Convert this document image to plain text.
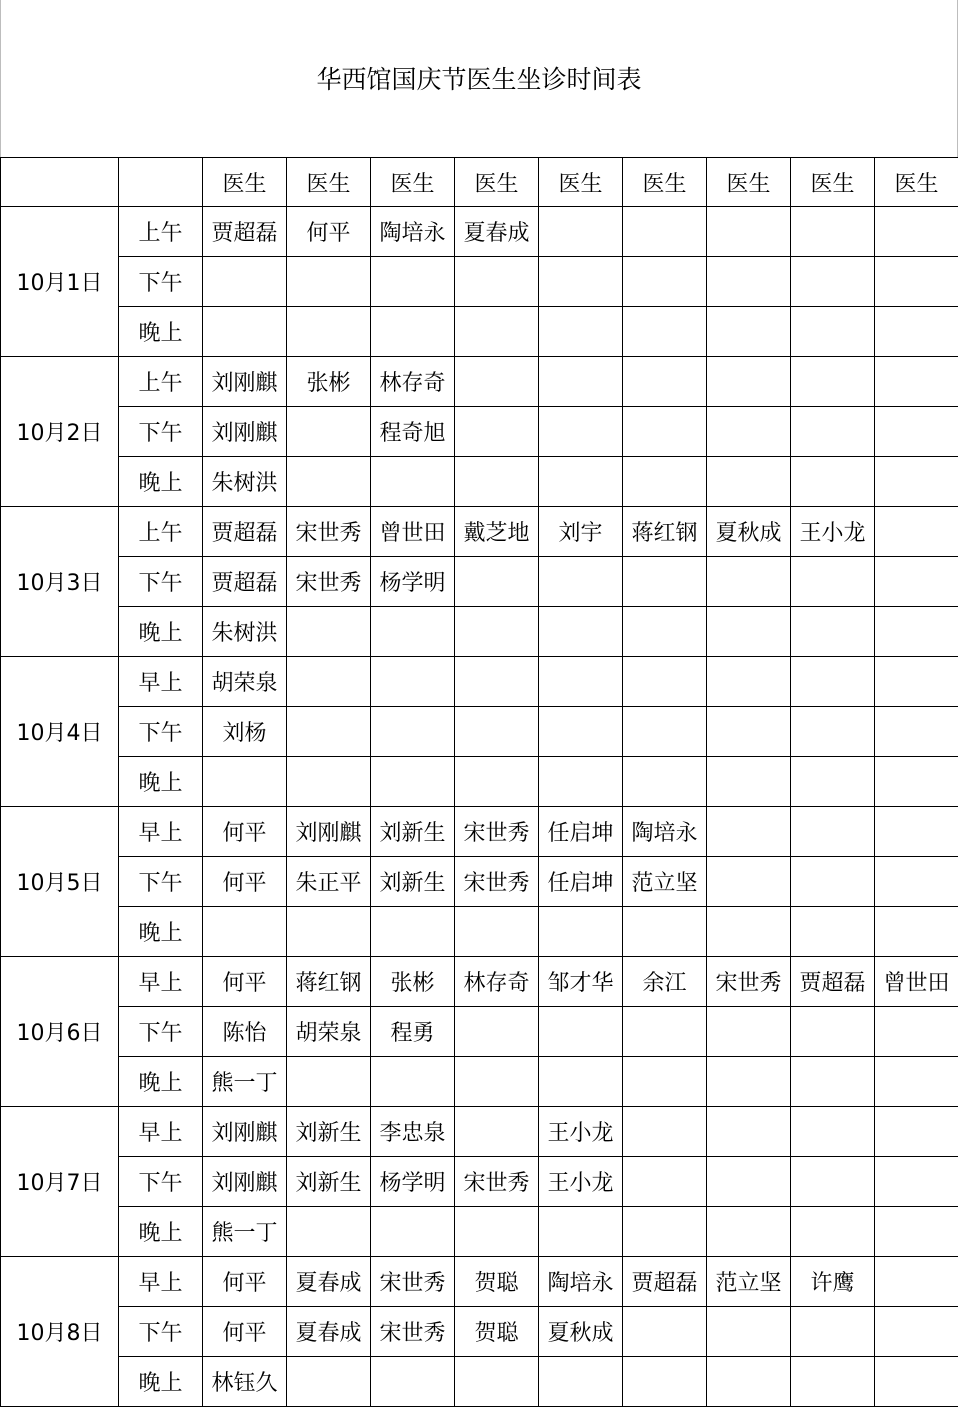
华西馆国庆节医生坐诊时间表
		医生	医生	医生	医生	医生	医生	医生	医生	医生
10月1日	上午	贾超磊	何平	陶培永	夏春成					
	下午									
	晚上									
10月2日	上午	刘刚麒	张彬	林存奇						
	下午	刘刚麒		程奇旭						
	晚上	朱树洪								
10月3日	上午	贾超磊	宋世秀	曾世田	戴芝地	刘宇	蒋红钢	夏秋成	王小龙	
	下午	贾超磊	宋世秀	杨学明						
	晚上	朱树洪								
10月4日	早上	胡荣泉								
	下午	刘杨								
	晚上									
10月5日	早上	何平	刘刚麒	刘新生	宋世秀	任启坤	陶培永			
	下午	何平	朱正平	刘新生	宋世秀	任启坤	范立坚			
	晚上									
10月6日	早上	何平	蒋红钢	张彬	林存奇	邹才华	余江	宋世秀	贾超磊	曾世田
	下午	陈怡	胡荣泉	程勇						
	晚上	熊一丁								
10月7日	早上	刘刚麒	刘新生	李忠泉		王小龙				
	下午	刘刚麒	刘新生	杨学明	宋世秀	王小龙				
	晚上	熊一丁								
10月8日	早上	何平	夏春成	宋世秀	贺聪	陶培永	贾超磊	范立坚	许鹰	
	下午	何平	夏春成	宋世秀	贺聪	夏秋成				
	晚上	林钰久								
